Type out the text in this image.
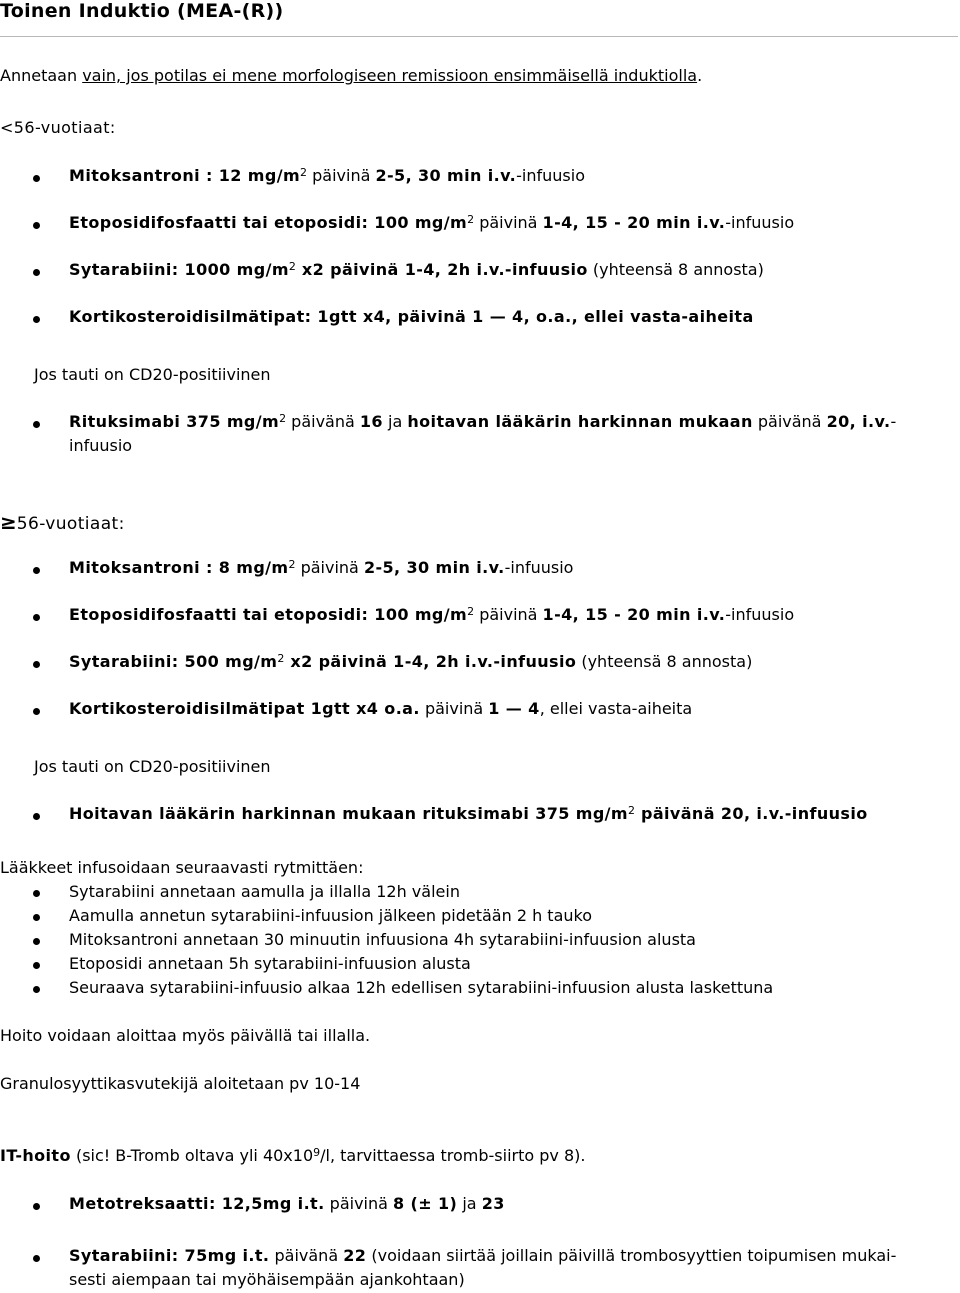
Toinen Induktio (MEA-(R))
Annetaan vain, jos potilas ei mene morfologiseen remissioon ensimmäisellä induktiolla.
<56-vuotiaat:
Mitoksantroni : 12 $mg/m^2$ päivinä 2-5, 30 min i.v.-infuusio
Etoposidifosfaatti tai etoposidi: 100 $mg/m^2$ päivinä 1-4, 15 - 20 min i.v.-infuusio
Sytarabiini: 1000 $mg/m^2$ x2 päivinä 1-4, 2h i.v.-infuusio (yhteensä 8 annosta)
Kortikosteroidisilmätipat: 1gtt x4, päivinä 1 — 4, o.a., ellei vasta-aiheita
Jos tauti on CD20-positiivinen
Rituksimabi 375 $mg/m^2$ päivänä 16 ja hoitavan lääkärin harkinnan mukaan päivänä 20, i.v.-
infuusio
≥56-vuotiaat:
Mitoksantroni : 8 $mg/m^2$ päivinä 2-5, 30 min i.v.-infuusio
Etoposidifosfaatti tai etoposidi: 100 $mg/m^2$ päivinä 1-4, 15 - 20 min i.v.-infuusio
Sytarabiini: 500 $mg/m^2$ x2 päivinä 1-4, 2h i.v.-infuusio (yhteensä 8 annosta)
Kortikosteroidisilmätipat 1gtt x4 o.a. päivinä 1 — 4, ellei vasta-aiheita
Jos tauti on CD20-positiivinen
Hoitavan lääkärin harkinnan mukaan rituksimabi 375 $mg/m^2$ päivänä 20, i.v.-infuusio
Lääkkeet infusoidaan seuraavasti rytmittäen:
Sytarabiini annetaan aamulla ja illalla 12h välein
Aamulla annetun sytarabiini-infuusion jälkeen pidetään 2 h tauko
Mitoksantroni annetaan 30 minuutin infuusiona 4h sytarabiini-infuusion alusta
Etoposidi annetaan 5h sytarabiini-infuusion alusta
Seuraava sytarabiini-infuusio alkaa 12h edellisen sytarabiini-infuusion alusta laskettuna
Hoito voidaan aloittaa myös päivällä tai illalla.
Granulosyyttikasvutekijä aloitetaan pv 10-14
IT-hoito (sic! B-Tromb oltava yli $40x10^9/l$, tarvittaessa tromb-siirto pv 8).
Metotreksaatti: 12,5mg i.t. päivinä 8 (± 1) ja 23
Sytarabiini: 75mg i.t. päivänä 22 (voidaan siirtää joillain päivillä trombosyyttien toipumisen mukai-
sesti aiempaan tai myöhäisempään ajankohtaan)
